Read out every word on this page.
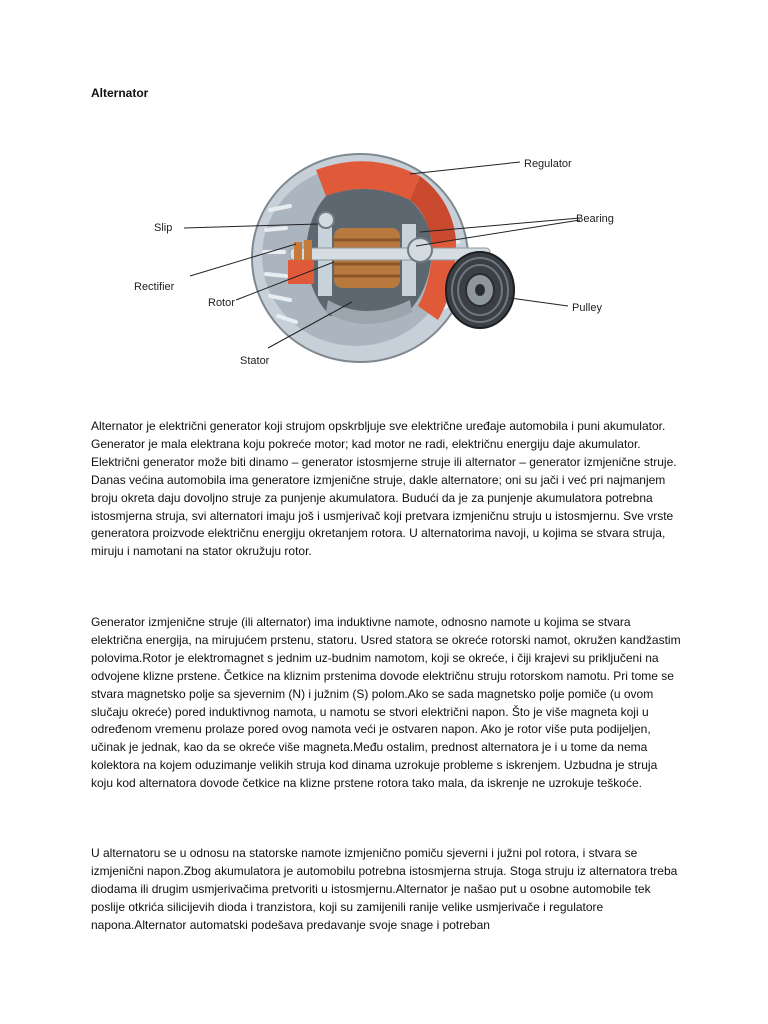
Alternator
Regulator
Slip
Bearing
Rectifier
Rotor	Pulley
Stator

Alternator je električni generator koji strujom opskrbljuje sve električne uređaje automobila i puni akumulator. Generator je mala elektrana koju pokreće motor; kad motor ne radi, električnu energiju daje akumulator. Električni generator može biti dinamo – generator istosmjerne struje ili alternator – generator izmjenične struje. Danas većina automobila ima generatore izmjenične struje, dakle alternatore; oni su jači i već pri najmanjem broju okreta daju dovoljno struje za punjenje akumulatora. Budući da je za punjenje akumulatora potrebna istosmjerna struja, svi alternatori imaju još i usmjerivač koji pretvara izmjeničnu struju u istosmjernu. Sve vrste generatora proizvode električnu energiju okretanjem rotora. U alternatorima navoji, u kojima se stvara struja, miruju i namotani na stator okružuju rotor.

Generator izmjenične struje (ili alternator) ima induktivne namote, odnosno namote u kojima se stvara električna energija, na mirujućem prstenu, statoru. Usred statora se okreće rotorski namot, okružen kandžastim polovima.Rotor je elektromagnet s jednim uz-budnim namotom, koji se okreće, i čiji krajevi su priključeni na odvojene klizne prstene. Četkice na kliznim prstenima dovode električnu struju rotorskom namotu. Pri tome se stvara magnetsko polje sa sjevernim (N) i južnim (S) polom.Ako se sada magnetsko polje pomiče (u ovom slučaju okreće) pored induktivnog namota, u namotu se stvori električni napon. Što je više magneta koji u određenom vremenu prolaze pored ovog namota veći je ostvaren napon. Ako je rotor više puta podijeljen, učinak je jednak, kao da se okreće više magneta.Među ostalim, prednost alternatora je i u tome da nema kolektora na kojem oduzimanje velikih struja kod dinama uzrokuje probleme s iskrenjem. Uzbudna je struja koju kod alternatora dovode četkice na klizne prstene rotora tako mala, da iskrenje ne uzrokuje teškoće.

U alternatoru se u odnosu na statorske namote izmjenično pomiču sjeverni i južni pol rotora, i stvara se izmjenični napon.Zbog akumulatora je automobilu potrebna istosmjerna struja. Stoga struju iz alternatora treba diodama ili drugim usmjerivačima pretvoriti u istosmjernu.Alternator je našao put u osobne automobile tek poslije otkrića silicijevih dioda i tranzistora, koji su zamijenili ranije velike usmjerivače i regulatore napona.Alternator automatski podešava predavanje svoje snage i potreban
